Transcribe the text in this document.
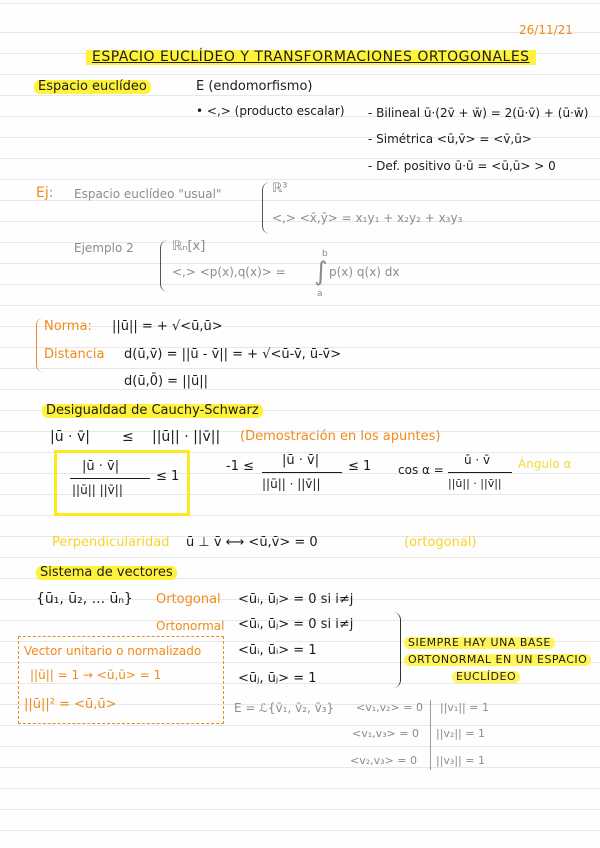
26/11/21
ESPACIO EUCLÍDEO Y TRANSFORMACIONES ORTOGONALES
Espacio euclídeo	E (endomorfismo)
• <,> (producto escalar) - Bilineal ū·(2v̄ + w̄) = 2(ū·v̄) + (ū·w̄)
- Simétrica <ū,v̄> = <v̄,ū>
- Def. positivo ū·ū = <ū,ū> > 0
Ej: Espacio euclídeo "usual"	ℝ³
<,> <x̄,ȳ> = x₁y₁ + x₂y₂ + x₃y₃
Ejemplo 2	ℝₙ[x]
<,> <p(x),q(x)> = ∫
b
a
p(x) q(x) dx
Norma: ||ū|| = + √<ū,ū>
Distancia d(ū,v̄) = ||ū - v̄|| = + √<ū-v̄, ū-v̄>
d(ū,0̄) = ||ū||
Desigualdad de Cauchy-Schwarz
|ū · v̄| ≤ ||ū|| · ||v̄|| (Demostración en los apuntes)
|ū · v̄|
||ū|| ||v̄||
≤ 1
-1 ≤ |ū · v̄|
||ū|| · ||v̄||
≤ 1 cos α =
ū · v̄
||ū|| · ||v̄||
Ángulo α
Perpendicularidad ū ⊥ v̄ ⟷ <ū,v̄> = 0	(ortogonal)
Sistema de vectores
{ū₁, ū₂, ... ūₙ} Ortogonal <ūᵢ, ūⱼ> = 0 si i≠j
Ortonormal <ūᵢ, ūⱼ> = 0 si i≠j
<ūᵢ, ūᵢ> = 1
<ūⱼ, ūⱼ> = 1
Vector unitario o normalizado
||ū|| = 1 → <ū,ū> = 1
||ū||² = <ū,ū>
SIEMPRE HAY UNA BASE
ORTONORMAL EN UN ESPACIO
EUCLÍDEO
E = ℒ{v̄₁, v̄₂, v̄₃} <v₁,v₂> = 0 ||v₁|| = 1
<v₁,v₃> = 0 ||v₂|| = 1
<v₂,v₃> = 0 ||v₃|| = 1
